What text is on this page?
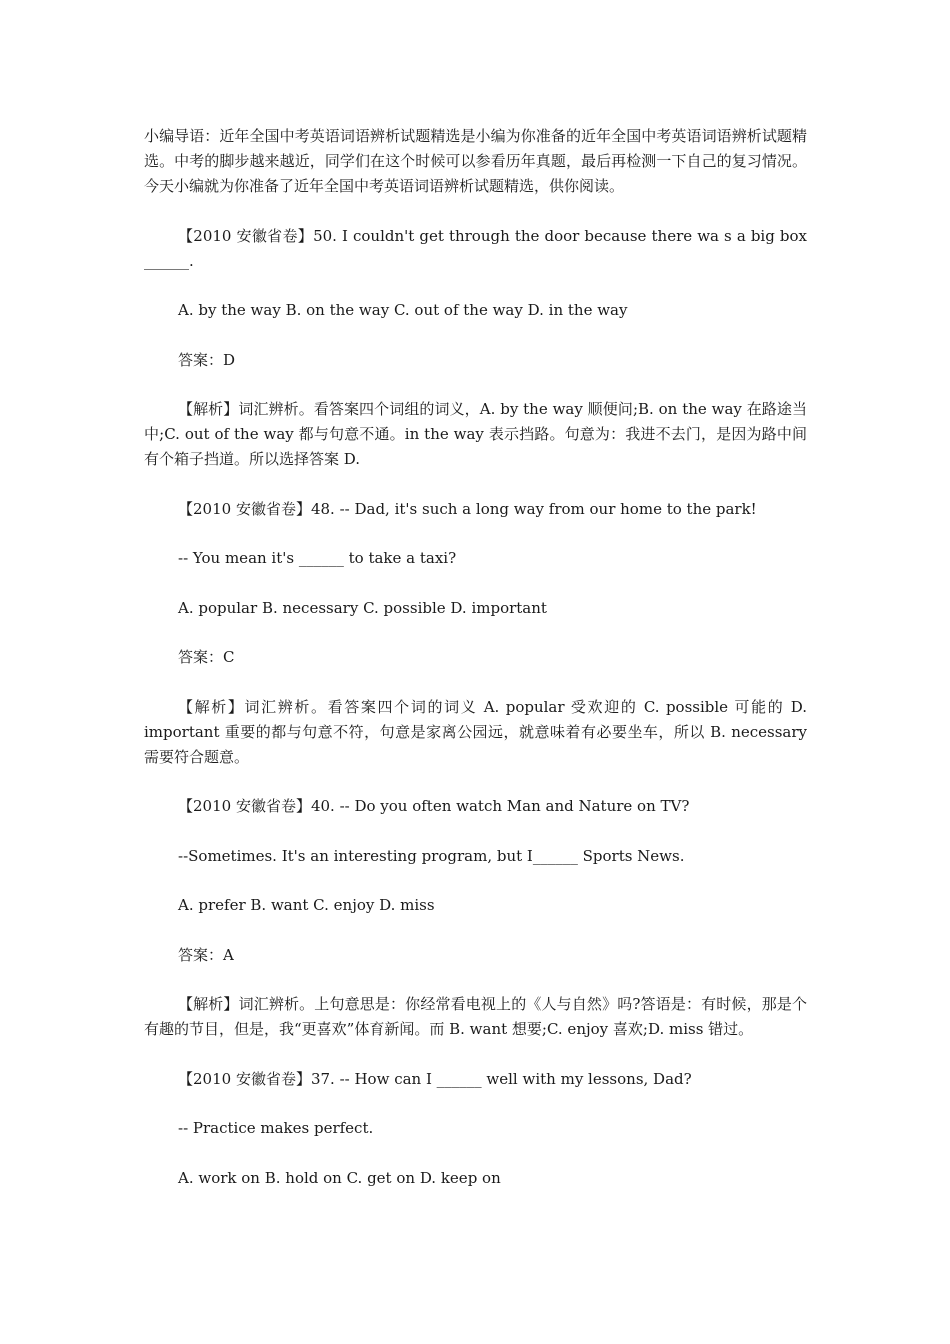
小编导语：近年全国中考英语词语辨析试题精选是小编为你准备的近年全国中考英语词语辨析试题精选。中考的脚步越来越近，同学们在这个时候可以参看历年真题，最后再检测一下自己的复习情况。今天小编就为你准备了近年全国中考英语词语辨析试题精选，供你阅读。

【2010 安徽省卷】50. I couldn't get through the door because there wa s a big box ______.

A. by the way B. on the way C. out of the way D. in the way

答案：D

【解析】词汇辨析。看答案四个词组的词义，A. by the way 顺便问;B. on the way 在路途当中;C. out of the way 都与句意不通。in the way 表示挡路。句意为：我进不去门，是因为路中间有个箱子挡道。所以选择答案 D.

【2010 安徽省卷】48. -- Dad, it's such a long way from our home to the park!

-- You mean it's ______ to take a taxi?

A. popular B. necessary C. possible D. important

答案：C

【解析】词汇辨析。看答案四个词的词义 A. popular 受欢迎的 C. possible 可能的 D. important 重要的都与句意不符，句意是家离公园远，就意味着有必要坐车，所以 B. necessary 需要符合题意。

【2010 安徽省卷】40. -- Do you often watch Man and Nature on TV?

--Sometimes. It's an interesting program, but I______ Sports News.

A. prefer B. want C. enjoy D. miss

答案：A

【解析】词汇辨析。上句意思是：你经常看电视上的《人与自然》吗?答语是：有时候，那是个有趣的节目，但是，我“更喜欢”体育新闻。而 B. want 想要;C. enjoy 喜欢;D. miss 错过。

【2010 安徽省卷】37. -- How can I ______ well with my lessons, Dad?

-- Practice makes perfect.

A. work on B. hold on C. get on D. keep on
